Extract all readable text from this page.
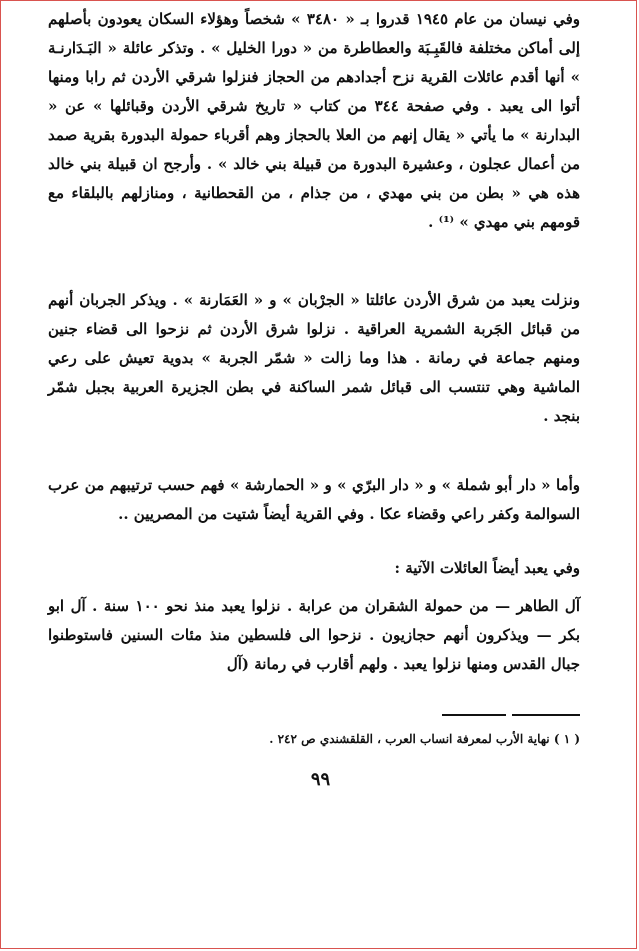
وفي نيسان من عام ١٩٤٥ قدروا بـ « ٣٤٨٠ » شخصاً وهؤلاء السكان يعودون بأصلهم إلى أماكن مختلفة فالقَبِـبَة والعطاطرة من « دورا الخليل » . وتذكر عائلة « البَـدَارنـة » أنها أقدم عائلات القرية نزح أجدادهم من الحجاز فنزلوا شرقي الأردن ثم رابا ومنها أتوا الى يعبد . وفي صفحة ٣٤٤ من كتاب « تاريخ شرقي الأردن وقبائلها » عن « البدارنة » ما يأتي « يقال إنهم من العلا بالحجاز وهم أقرباء حمولة البدورة بقرية صمد من أعمال عجلون ، وعشيرة البدورة من قبيلة بني خالد » . وأرجح ان قبيلة بني خالد هذه هي « بطن من بني مهدي ، من جذام ، من القحطانية ، ومنازلهم بالبلقاء مع قومهم بني مهدي » ⁽¹⁾ .

ونزلت يعبد من شرق الأردن عائلتا « الجرْبان » و « العَمَارنة » . ويذكر الجربان أنهم من قبائل الجَربة الشمرية العراقية . نزلوا شرق الأردن ثم نزحوا الى قضاء جنين ومنهم جماعة في رمانة . هذا وما زالت « شمّر الجربة » بدوية تعيش على رعي الماشية وهي تنتسب الى قبائل شمر الساكنة في بطن الجزيرة العربية بجبل شمّر بنجد .

وأما « دار أبو شملة » و « دار البرّي » و « الحمارشة » فهم حسب ترتيبهم من عرب السوالمة وكفر راعي وقضاء عكا . وفي القرية أيضاً شتيت من المصريين ..

وفي يعبد أيضاً العائلات الآتية :

آل الطاهر — من حمولة الشقران من عرابة . نزلوا يعبد منذ نحو ١٠٠ سنة . آل ابو بكر — ويذكرون أنهم حجازيون . نزحوا الى فلسطين منذ مئات السنين فاستوطنوا جبال القدس ومنها نزلوا يعبد . ولهم أقارب في رمانة (آل

( ١ ) نهاية الأرب لمعرفة انساب العرب ، القلقشندي ص ٢٤٢ .

٩٩
